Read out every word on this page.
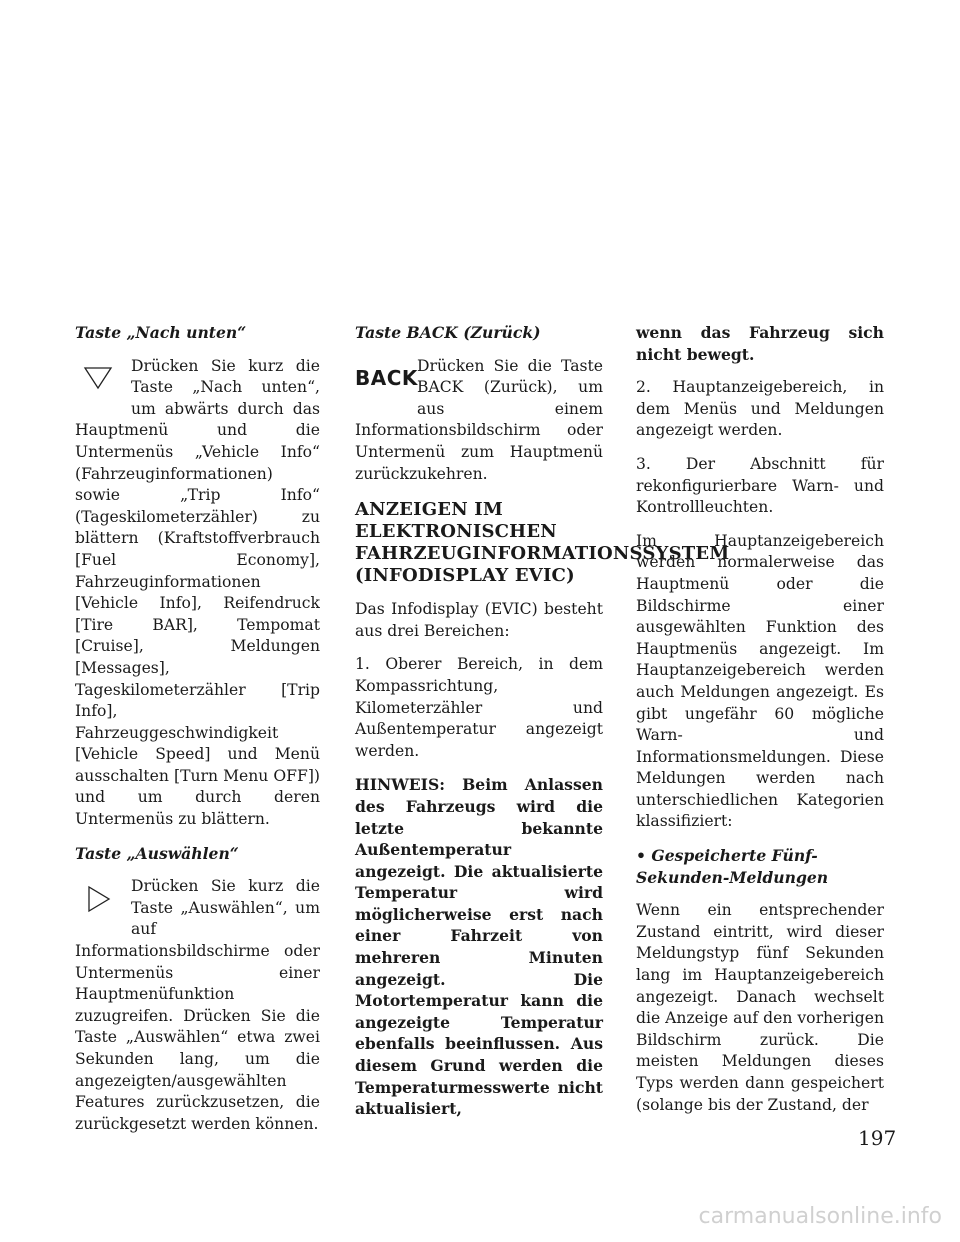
Taste „Nach unten“

Drücken Sie kurz die Taste „Nach unten“, um abwärts durch das Hauptmenü und die Untermenüs „Vehicle Info“ (Fahrzeuginformationen) sowie „Trip Info“ (Tageskilometerzähler) zu blättern (Kraftstoffverbrauch [Fuel Economy], Fahrzeuginformationen [Vehicle Info], Reifendruck [Tire BAR], Tempomat [Cruise], Meldungen [Messages], Tageskilometerzähler [Trip Info], Fahrzeuggeschwindigkeit [Vehicle Speed] und Menü ausschalten [Turn Menu OFF]) und um durch deren Untermenüs zu blättern.

Taste „Auswählen“

Drücken Sie kurz die Taste „Auswählen“, um auf Informationsbildschirme oder Untermenüs einer Hauptmenüfunktion zuzugreifen. Drücken Sie die Taste „Auswählen“ etwa zwei Sekunden lang, um die angezeigten/ausgewählten Features zurückzusetzen, die zurückgesetzt werden können.

Taste BACK (Zurück)
BACK Drücken Sie die Taste BACK (Zurück), um aus einem Informationsbildschirm oder Untermenü zum Hauptmenü zurückzukehren.

ANZEIGEN IM ELEKTRONISCHEN FAHRZEUGINFORMATIONSSYSTEM (INFODISPLAY EVIC)

Das Infodisplay (EVIC) besteht aus drei Bereichen:

1. Oberer Bereich, in dem Kompassrichtung, Kilometerzähler und Außentemperatur angezeigt werden.

HINWEIS: Beim Anlassen des Fahrzeugs wird die letzte bekannte Außentemperatur angezeigt. Die aktualisierte Temperatur wird möglicherweise erst nach einer Fahrzeit von mehreren Minuten angezeigt. Die Motortemperatur kann die angezeigte Temperatur ebenfalls beeinflussen. Aus diesem Grund werden die Temperaturmesswerte nicht aktualisiert,

wenn das Fahrzeug sich nicht bewegt.

2. Hauptanzeigebereich, in dem Menüs und Meldungen angezeigt werden.

3. Der Abschnitt für rekonfigurierbare Warn- und Kontrollleuchten.

Im Hauptanzeigebereich werden normalerweise das Hauptmenü oder die Bildschirme einer ausgewählten Funktion des Hauptmenüs angezeigt. Im Hauptanzeigebereich werden auch Meldungen angezeigt. Es gibt ungefähr 60 mögliche Warn- und Informationsmeldungen. Diese Meldungen werden nach unterschiedlichen Kategorien klassifiziert:

• Gespeicherte Fünf-Sekunden-Meldungen

Wenn ein entsprechender Zustand eintritt, wird dieser Meldungstyp fünf Sekunden lang im Hauptanzeigebereich angezeigt. Danach wechselt die Anzeige auf den vorherigen Bildschirm zurück. Die meisten Meldungen dieses Typs werden dann gespeichert (solange bis der Zustand, der

197
carmanualsonline.info
